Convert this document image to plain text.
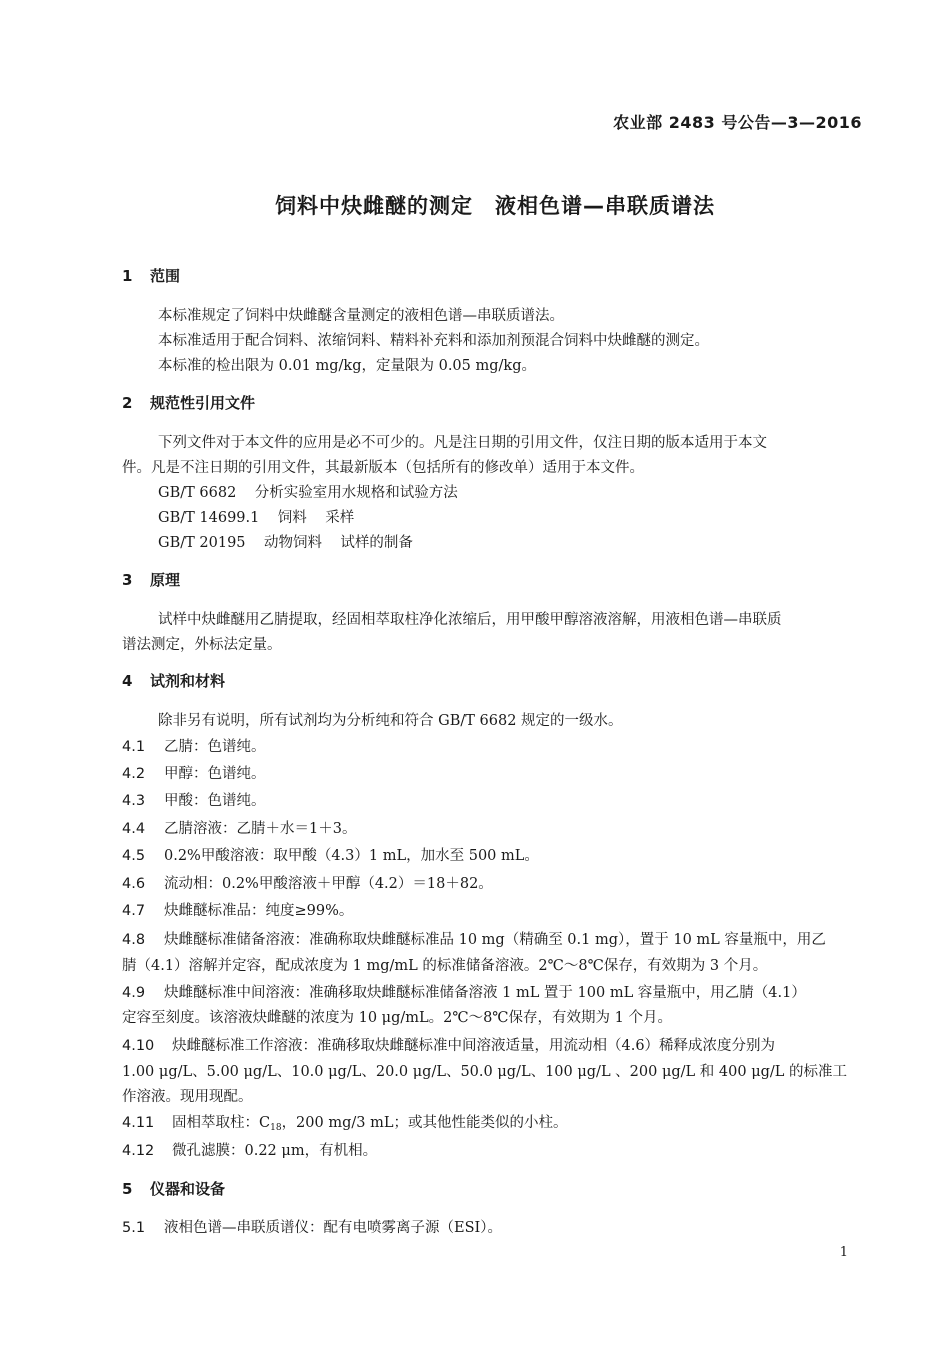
农业部 2483 号公告—3—2016
饲料中炔雌醚的测定 液相色谱—串联质谱法
1 范围
本标准规定了饲料中炔雌醚含量测定的液相色谱—串联质谱法。
本标准适用于配合饲料、浓缩饲料、精料补充料和添加剂预混合饲料中炔雌醚的测定。
本标准的检出限为 0.01 mg/kg，定量限为 0.05 mg/kg。
2 规范性引用文件
下列文件对于本文件的应用是必不可少的。凡是注日期的引用文件，仅注日期的版本适用于本文
件。凡是不注日期的引用文件，其最新版本（包括所有的修改单）适用于本文件。
GB/T 6682    分析实验室用水规格和试验方法
GB/T 14699.1    饲料    采样
GB/T 20195    动物饲料    试样的制备
3 原理
试样中炔雌醚用乙腈提取，经固相萃取柱净化浓缩后，用甲酸甲醇溶液溶解，用液相色谱—串联质
谱法测定，外标法定量。
4 试剂和材料
除非另有说明，所有试剂均为分析纯和符合 GB/T 6682 规定的一级水。
4.1 乙腈：色谱纯。
4.2 甲醇：色谱纯。
4.3 甲酸：色谱纯。
4.4 乙腈溶液：乙腈＋水＝1＋3。
4.5 0.2%甲酸溶液：取甲酸（4.3）1 mL，加水至 500 mL。
4.6 流动相：0.2%甲酸溶液＋甲醇（4.2）＝18＋82。
4.7 炔雌醚标准品：纯度≥99%。
4.8 炔雌醚标准储备溶液：准确称取炔雌醚标准品 10 mg（精确至 0.1 mg），置于 10 mL 容量瓶中，用乙
腈（4.1）溶解并定容，配成浓度为 1 mg/mL 的标准储备溶液。2℃～8℃保存，有效期为 3 个月。
4.9 炔雌醚标准中间溶液：准确移取炔雌醚标准储备溶液 1 mL 置于 100 mL 容量瓶中，用乙腈（4.1）
定容至刻度。该溶液炔雌醚的浓度为 10 μg/mL。2℃～8℃保存，有效期为 1 个月。
4.10 炔雌醚标准工作溶液：准确移取炔雌醚标准中间溶液适量，用流动相（4.6）稀释成浓度分别为
1.00 μg/L、5.00 μg/L、10.0 μg/L、20.0 μg/L、50.0 μg/L、100 μg/L 、200 μg/L 和 400 μg/L 的标准工
作溶液。现用现配。
4.11 固相萃取柱：$C_{18}$，200 mg/3 mL；或其他性能类似的小柱。
4.12 微孔滤膜：0.22 μm，有机相。
5 仪器和设备
5.1 液相色谱—串联质谱仪：配有电喷雾离子源（ESI）。
1
